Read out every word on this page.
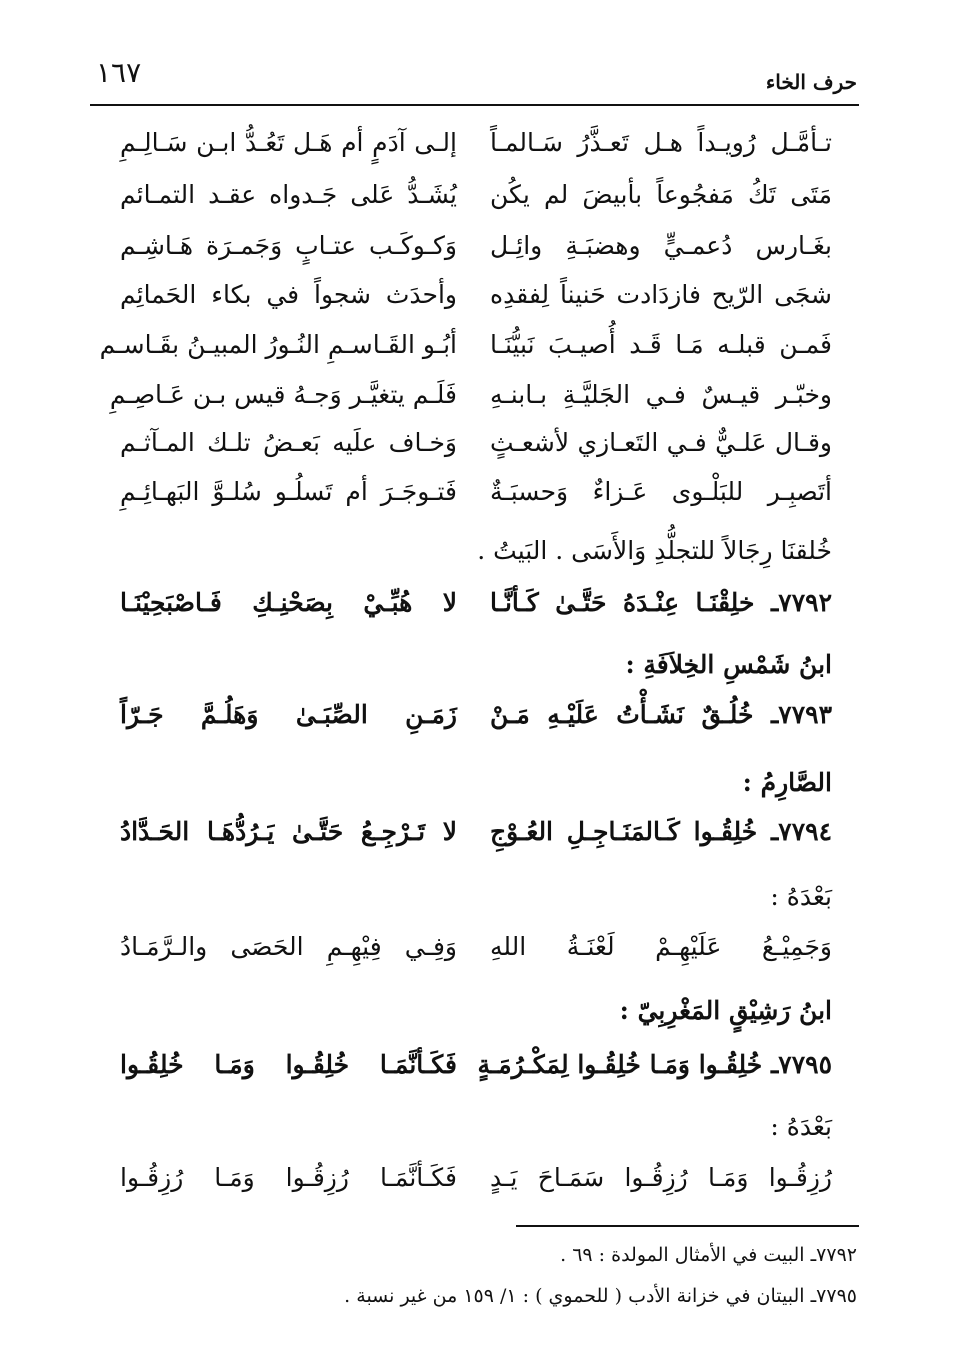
١٦٧	حرف الخاء
تـأمَّـل رُويـداً هـل تَعـذَّرُ سَـالمـاً
إلـى آدَمٍ أم هَـل تَعُـدُّ ابـن سَـالِـمِ
مَتَى تَكُ مَفجُوعاً بأبيضَ لم يكُن
يُشَـدُّ عَلى جَـدواه عقـد التمـائم
بغَـارس دُعمـيٍّ وهضبَـةِ وائِـل
وَكـوكَـب عتـابٍ وَجَمـرَة هَـاشِـم
شجَى الرّيح فازدَادت حَنيناً لِفقدِه
وأحدَث شجواً في بكاء الحَمائِم
فَمـن قبلـه مَـا قَـد أُصيـبَ نَبيُّنَـا
أبُـو القَـاسـمِ النُـورُ المبيـنُ بقَـاسـم
وخبّـر قيـسٌ فـي الجَليَّـةِ بـابنـهِ
فَلَـم يتغيَّـر وَجـهُ قيس بـن عَـاصِـمِ
وقـال عَلـيٌّ فـي التَعـازي لأشعـثٍ
وَخـاف علَيه بَعـضُ تلـك المـآثـم
أتَصبِـر للبَلْـوى عَـزاءٌ وَحسبَـةٌ
فَتـوجَـرَ أم تَسلُـو سُلـوَّ البَهـائِـمِ
خُلقنَا رِجَالاً للتجلُّدِ وَالأَسَى . البَيتُ .
٧٧٩٢ـ خلِقْنَـا عِنْـدَهُ حَتَّـىٰ كَـأنَّـا
لا هُبِّـيْ بِصَحْنِـكِ فَـاصْبَحِيْنَـا
ابنُ شَمْسِ الخِلاَفَةِ :
٧٧٩٣ـ خُلُـقٌ نَشَـأْتُ عَلَيْـهِ مَـنْ
زَمَـنِ الصِّبَـىٰ وَهَلُـمَّ جَـرّاً
الصَّارِمُ :
٧٧٩٤ـ خُلِقُـوا كَـالمَنَـاجِـلِ العُـوْجِ
لا تَـرْجِـعُ حَتَّـىٰ يَـرُدُّهَـا الحَـدَّادُ
بَعْدَهُ :
وَجَمِيْـعُ عَلَيْهِـمْ لَعْنَـةُ اللهِ
وَفِـي فِيْهِـمِ الحَصَى والـرَّمَـادُ
ابنُ رَشِيْقٍ المَغْرِبِيّ :
٧٧٩٥ـ خُلِقُـوا وَمَـا خُلِقُـوا لِمَكْـرُمَـةٍ
فَكَـأنَّمَـا خُلِقُـوا وَمَـا خُلِقُـوا
بَعْدَهُ :
رُزِقُـوا وَمَـا رُزِقُـوا سَمَـاحَ يَـدٍ
فَكَـأنَّمَـا رُزِقُـوا وَمَـا رُزِقُـوا
٧٧٩٢ـ البيت في الأمثال المولدة : ٦٩ .
٧٧٩٥ـ البيتان في خزانة الأدب ( للحموي ) : ١/ ١٥٩ من غير نسبة .
